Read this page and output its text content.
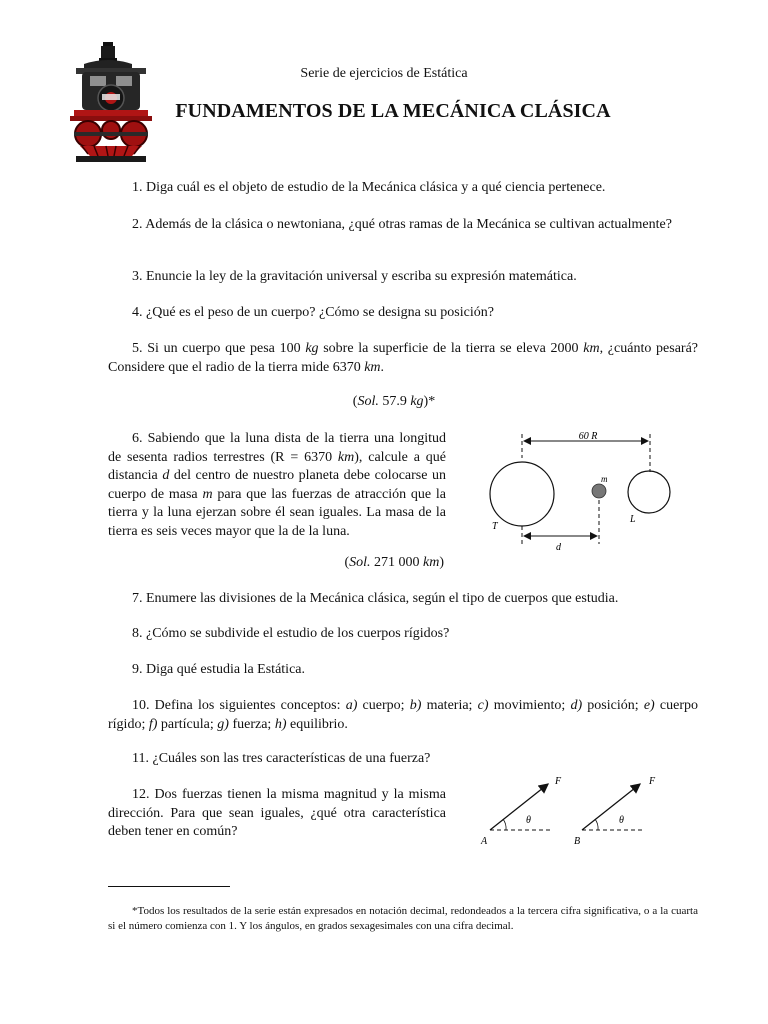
Serie de ejercicios de Estática
FUNDAMENTOS DE LA MECÁNICA CLÁSICA

1. Diga cuál es el objeto de estudio de la Mecánica clásica y a qué ciencia pertenece.

2. Además de la clásica o newtoniana, ¿qué otras ramas de la Mecánica se cultivan actualmente?

3. Enuncie la ley de la gravitación universal y escriba su expresión matemática.

4. ¿Qué es el peso de un cuerpo? ¿Cómo se designa su posición?

5. Si un cuerpo que pesa 100 kg sobre la superficie de la tierra se eleva 2000 km, ¿cuánto pesará? Considere que el radio de la tierra mide 6370 km.

(Sol. 57.9 kg)*

6. Sabiendo que la luna dista de la tierra una longitud de sesenta radios terrestres (R = 6370 km), calcule a qué distancia d del centro de nuestro planeta debe colocarse un cuerpo de masa m para que las fuerzas de atracción que la tierra y la luna ejerzan sobre él sean iguales. La masa de la tierra es seis veces mayor que la de la luna.

(Sol. 271 000 km)
60 R
T
m
L
d

7. Enumere las divisiones de la Mecánica clásica, según el tipo de cuerpos que estudia.

8. ¿Cómo se subdivide el estudio de los cuerpos rígidos?

9. Diga qué estudia la Estática.

10. Defina los siguientes conceptos: a) cuerpo; b) materia; c) movimiento; d) posición; e) cuerpo rígido; f) partícula; g) fuerza; h) equilibrio.

11. ¿Cuáles son las tres características de una fuerza?

12. Dos fuerzas tienen la misma magnitud y la misma dirección. Para que sean iguales, ¿qué otra característica deben tener en común?

F
θ
A
F
θ
B

*Todos los resultados de la serie están expresados en notación decimal, redondeados a la tercera cifra significativa, o a la cuarta si el número comienza con 1. Y los ángulos, en grados sexagesimales con una cifra decimal.
